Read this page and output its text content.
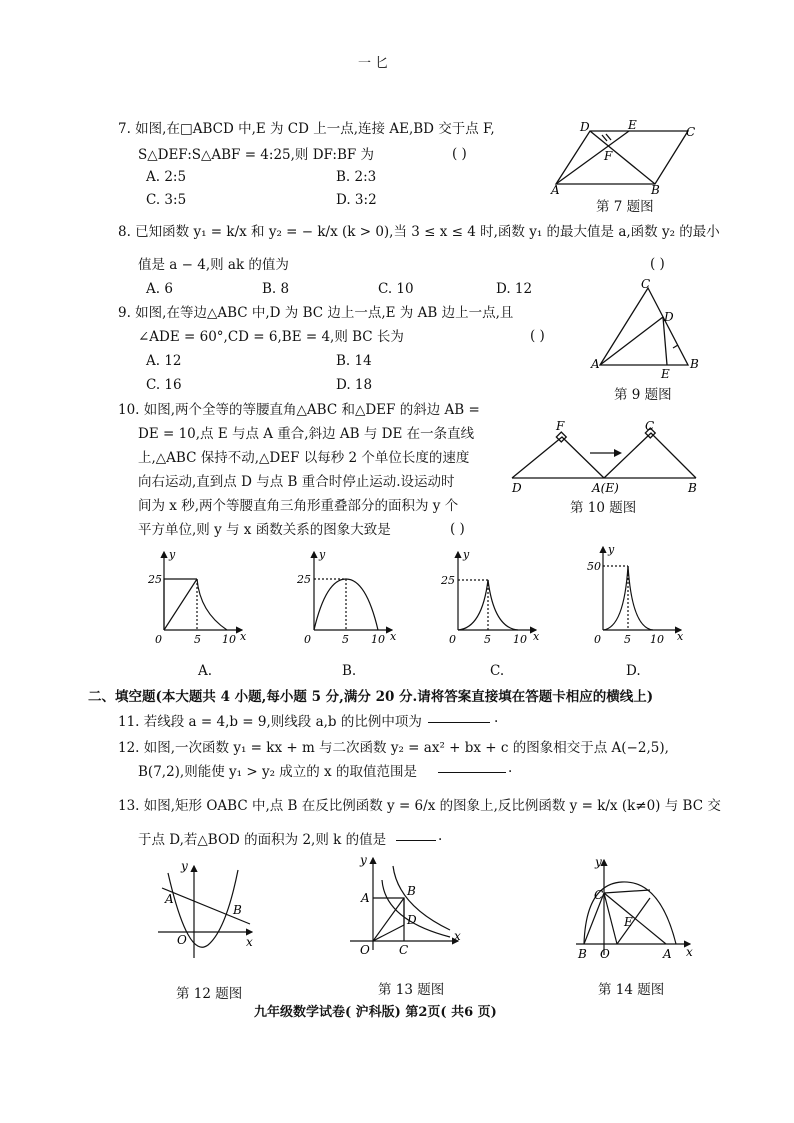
一 匕
7. 如图,在□ABCD 中,E 为 CD 上一点,连接 AE,BD 交于点 F,
S△DEF:S△ABF = 4:25,则 DF:BF 为	( )
A. 2:5	B. 2:3
C. 3:5	D. 3:2
D	E	C
F
A	B
第 7 题图
8. 已知函数 y₁ = k/x 和 y₂ = − k/x (k > 0),当 3 ≤ x ≤ 4 时,函数 y₁ 的最大值是 a,函数 y₂ 的最小
值是 a − 4,则 ak 的值为	( )
A. 6	B. 8	C. 10	D. 12
9. 如图,在等边△ABC 中,D 为 BC 边上一点,E 为 AB 边上一点,且
∠ADE = 60°,CD = 6,BE = 4,则 BC 长为	( )
A. 12	B. 14
C. 16	D. 18
C
D
A
E
B
第 9 题图
10. 如图,两个全等的等腰直角△ABC 和△DEF 的斜边 AB =
DE = 10,点 E 与点 A 重合,斜边 AB 与 DE 在一条直线
上,△ABC 保持不动,△DEF 以每秒 2 个单位长度的速度
向右运动,直到点 D 与点 B 重合时停止运动.设运动时
间为 x 秒,两个等腰直角三角形重叠部分的面积为 y 个
平方单位,则 y 与 x 函数关系的图象大致是	( )
F	C
D	A(E)	B
第 10 题图
25
0	5 10 x
y
25
0	5 10 x
y
25
0	5 10 x
y
50
0 5 10 x
y
A.	B.	C.	D.
二、填空题(本大题共 4 小题,每小题 5 分,满分 20 分.请将答案直接填在答题卡相应的横线上)
11. 若线段 a = 4,b = 9,则线段 a,b 的比例中项为	.
12. 如图,一次函数 y₁ = kx + m 与二次函数 y₂ = ax² + bx + c 的图象相交于点 A(−2,5),
B(7,2),则能使 y₁ > y₂ 成立的 x 的取值范围是	.
13. 如图,矩形 OABC 中,点 B 在反比例函数 y = 6/x 的图象上,反比例函数 y = k/x (k≠0) 与 BC 交
于点 D,若△BOD 的面积为 2,则 k 的值是	.
y
A
B
O	x
y
A	B
D
O C
x
y
C
E
B O	A x
第 12 题图	第 13 题图	第 14 题图
九年级数学试卷( 沪科版) 第2页( 共6 页)
